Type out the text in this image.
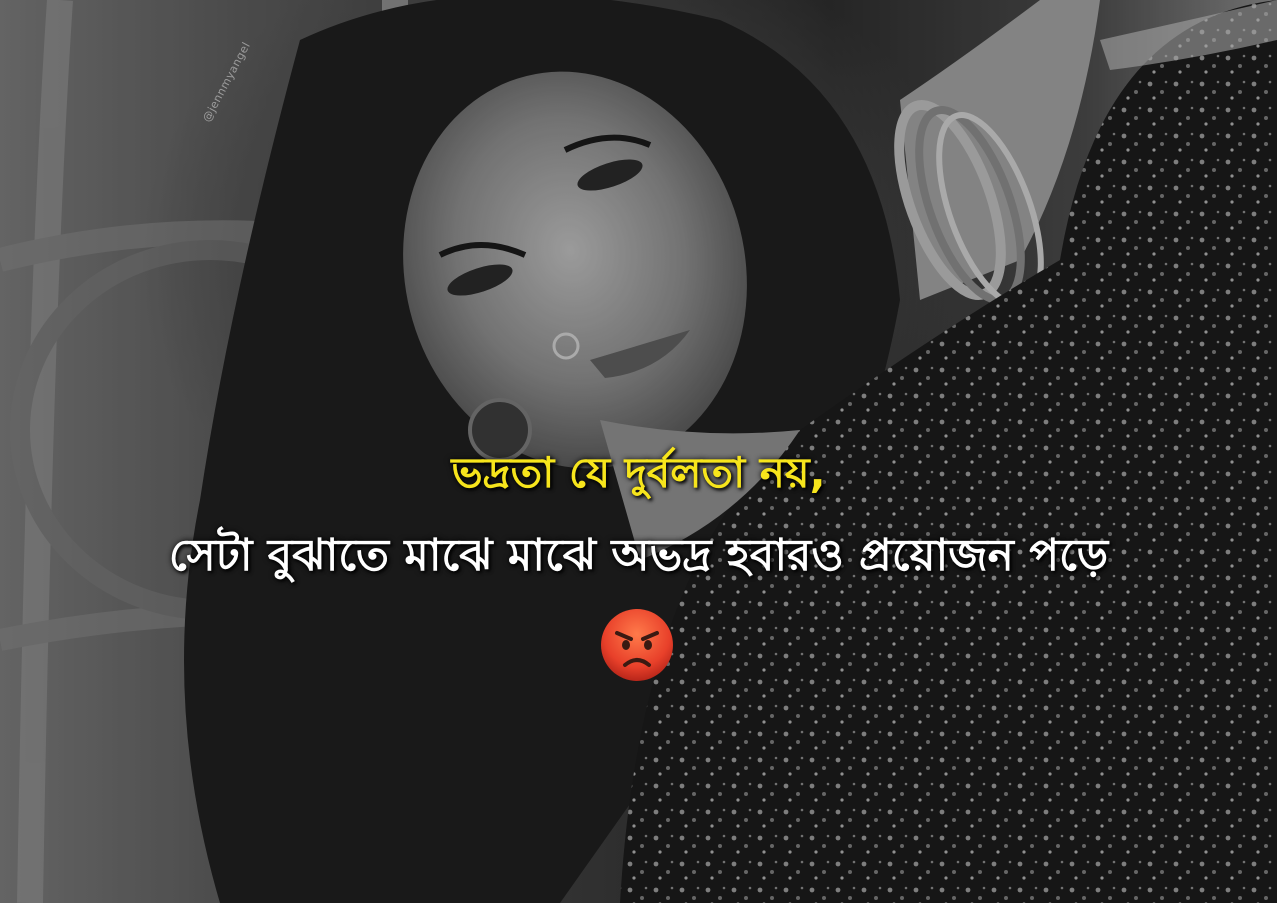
@jennmyangel
ভদ্রতা যে দুর্বলতা নয়,
সেটা বুঝাতে মাঝে মাঝে অভদ্র হবারও প্রয়োজন পড়ে
